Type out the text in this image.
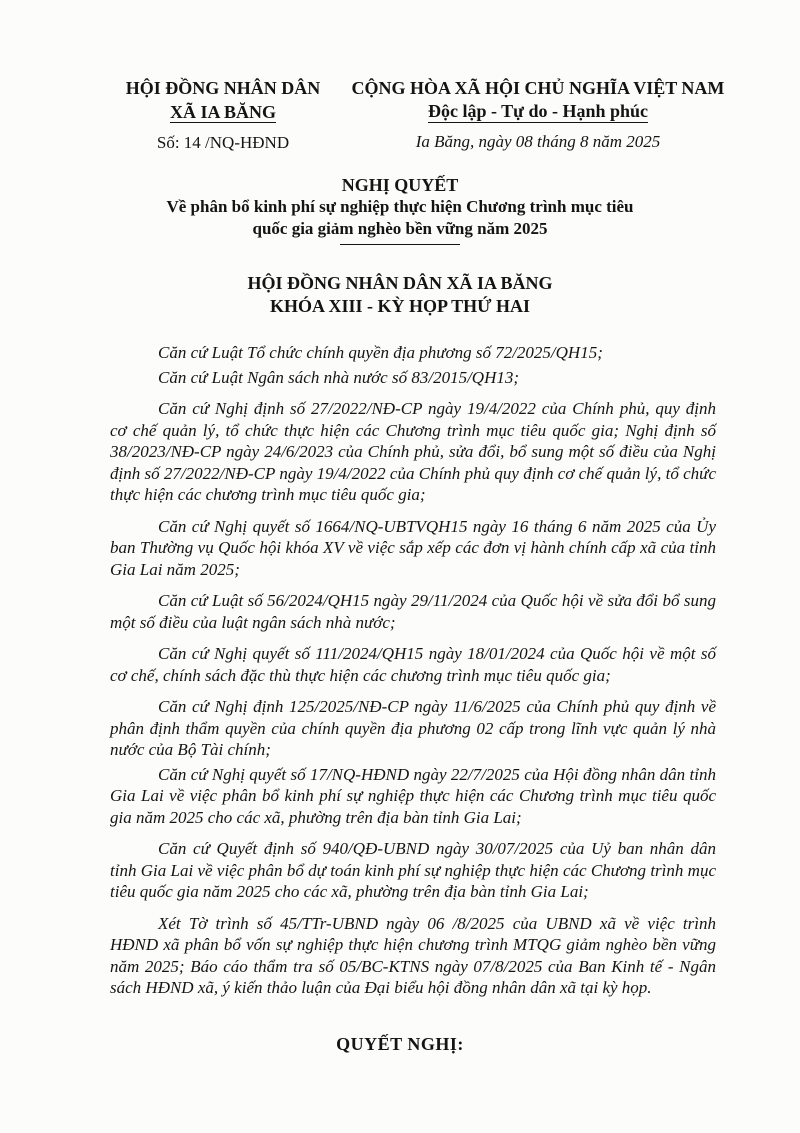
HỘI ĐỒNG NHÂN DÂN
XÃ IA BĂNG
Số: 14 /NQ-HĐND
CỘNG HÒA XÃ HỘI CHỦ NGHĨA VIỆT NAM
Độc lập - Tự do - Hạnh phúc
Ia Băng, ngày 08 tháng 8 năm 2025
NGHỊ QUYẾT
Về phân bổ kinh phí sự nghiệp thực hiện Chương trình mục tiêu
quốc gia giảm nghèo bền vững năm 2025
HỘI ĐỒNG NHÂN DÂN XÃ IA BĂNG
KHÓA XIII - KỲ HỌP THỨ HAI

Căn cứ Luật Tổ chức chính quyền địa phương số 72/2025/QH15;

Căn cứ Luật Ngân sách nhà nước số 83/2015/QH13;

Căn cứ Nghị định số 27/2022/NĐ-CP ngày 19/4/2022 của Chính phủ, quy định cơ chế quản lý, tổ chức thực hiện các Chương trình mục tiêu quốc gia; Nghị định số 38/2023/NĐ-CP ngày 24/6/2023 của Chính phủ, sửa đổi, bổ sung một số điều của Nghị định số 27/2022/NĐ-CP ngày 19/4/2022 của Chính phủ quy định cơ chế quản lý, tổ chức thực hiện các chương trình mục tiêu quốc gia;

Căn cứ Nghị quyết số 1664/NQ-UBTVQH15 ngày 16 tháng 6 năm 2025 của Ủy ban Thường vụ Quốc hội khóa XV về việc sắp xếp các đơn vị hành chính cấp xã của tỉnh Gia Lai năm 2025;

Căn cứ Luật số 56/2024/QH15 ngày 29/11/2024 của Quốc hội về sửa đổi bổ sung một số điều của luật ngân sách nhà nước;

Căn cứ Nghị quyết số 111/2024/QH15 ngày 18/01/2024 của Quốc hội về một số cơ chế, chính sách đặc thù thực hiện các chương trình mục tiêu quốc gia;

Căn cứ Nghị định 125/2025/NĐ-CP ngày 11/6/2025 của Chính phủ quy định về phân định thẩm quyền của chính quyền địa phương 02 cấp trong lĩnh vực quản lý nhà nước của Bộ Tài chính;

Căn cứ Nghị quyết số 17/NQ-HĐND ngày 22/7/2025 của Hội đồng nhân dân tỉnh Gia Lai về việc phân bổ kinh phí sự nghiệp thực hiện các Chương trình mục tiêu quốc gia năm 2025 cho các xã, phường trên địa bàn tỉnh Gia Lai;

Căn cứ Quyết định số 940/QĐ-UBND ngày 30/07/2025 của Uỷ ban nhân dân tỉnh Gia Lai về việc phân bổ dự toán kinh phí sự nghiệp thực hiện các Chương trình mục tiêu quốc gia năm 2025 cho các xã, phường trên địa bàn tỉnh Gia Lai;

Xét Tờ trình số 45/TTr-UBND ngày 06 /8/2025 của UBND xã về việc trình HĐND xã phân bổ vốn sự nghiệp thực hiện chương trình MTQG giảm nghèo bền vững năm 2025; Báo cáo thẩm tra số 05/BC-KTNS ngày 07/8/2025 của Ban Kinh tế - Ngân sách HĐND xã, ý kiến thảo luận của Đại biểu hội đồng nhân dân xã tại kỳ họp.

QUYẾT NGHỊ:
